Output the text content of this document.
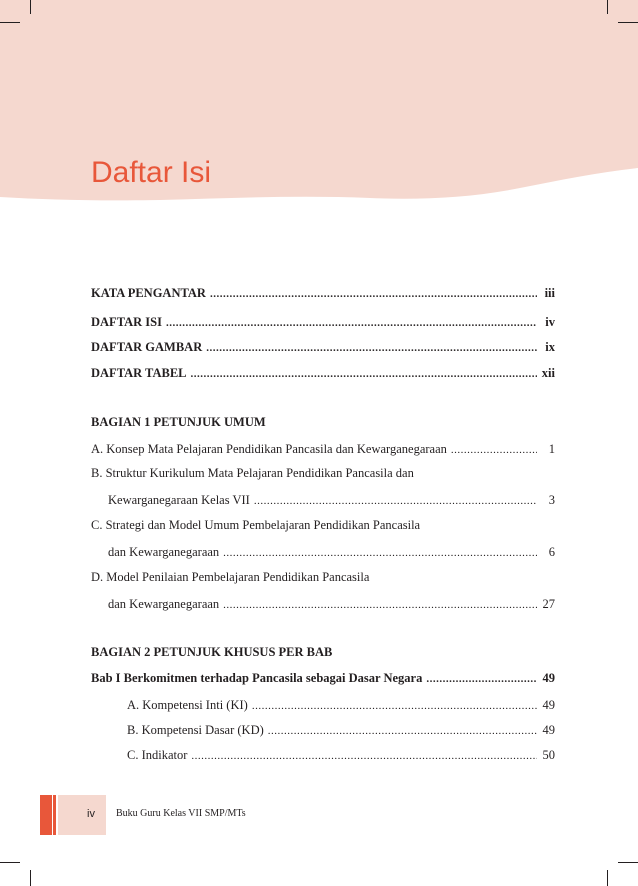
Daftar Isi
KATA PENGANTAR .....	iii
DAFTAR ISI .....	iv
DAFTAR GAMBAR .....	ix
DAFTAR TABEL .....	xii
BAGIAN 1 PETUNJUK UMUM
A. Konsep Mata Pelajaran Pendidikan Pancasila dan Kewarganegaraan .....	1
B. Struktur Kurikulum Mata Pelajaran Pendidikan Pancasila dan
Kewarganegaraan Kelas VII .....	3
C. Strategi dan Model Umum Pembelajaran Pendidikan Pancasila
dan Kewarganegaraan .....	6
D. Model Penilaian Pembelajaran Pendidikan Pancasila
dan Kewarganegaraan .....	27
BAGIAN 2 PETUNJUK KHUSUS PER BAB
Bab I Berkomitmen terhadap Pancasila sebagai Dasar Negara .....	49
A. Kompetensi Inti (KI) .....	49
B. Kompetensi Dasar (KD) .....	49
C. Indikator .....	50
iv Buku Guru Kelas VII SMP/MTs
